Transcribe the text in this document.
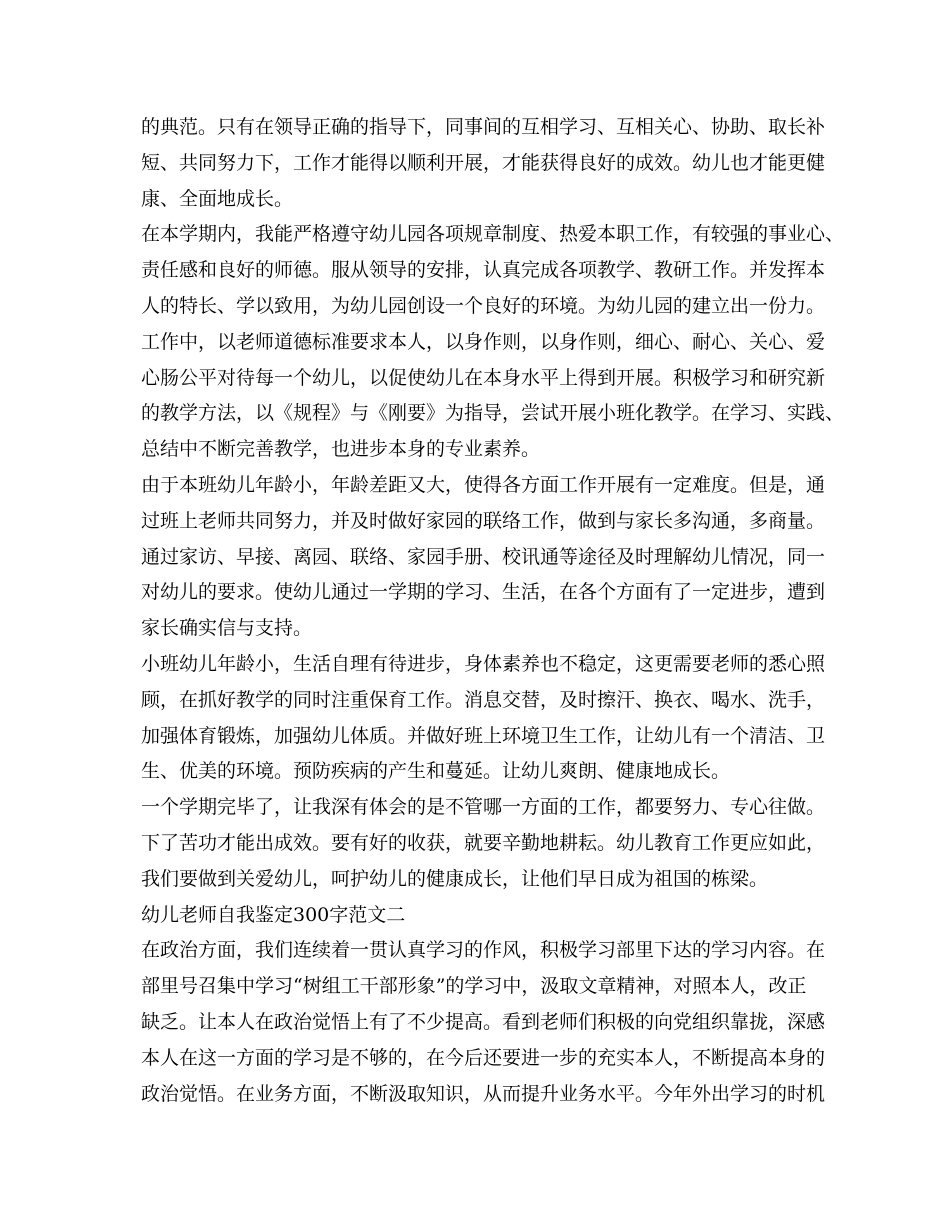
的典范。只有在领导正确的指导下，同事间的互相学习、互相关心、协助、取长补
短、共同努力下，工作才能得以顺利开展，才能获得良好的成效。幼儿也才能更健
康、全面地成长。
在本学期内，我能严格遵守幼儿园各项规章制度、热爱本职工作，有较强的事业心、
责任感和良好的师德。服从领导的安排，认真完成各项教学、教研工作。并发挥本
人的特长、学以致用，为幼儿园创设一个良好的环境。为幼儿园的建立出一份力。
工作中，以老师道德标准要求本人，以身作则，以身作则，细心、耐心、关心、爱
心肠公平对待每一个幼儿，以促使幼儿在本身水平上得到开展。积极学习和研究新
的教学方法，以《规程》与《刚要》为指导，尝试开展小班化教学。在学习、实践、
总结中不断完善教学，也进步本身的专业素养。
由于本班幼儿年龄小，年龄差距又大，使得各方面工作开展有一定难度。但是，通
过班上老师共同努力，并及时做好家园的联络工作，做到与家长多沟通，多商量。
通过家访、早接、离园、联络、家园手册、校讯通等途径及时理解幼儿情况，同一
对幼儿的要求。使幼儿通过一学期的学习、生活，在各个方面有了一定进步，遭到
家长确实信与支持。
小班幼儿年龄小，生活自理有待进步，身体素养也不稳定，这更需要老师的悉心照
顾，在抓好教学的同时注重保育工作。消息交替，及时擦汗、换衣、喝水、洗手，
加强体育锻炼，加强幼儿体质。并做好班上环境卫生工作，让幼儿有一个清洁、卫
生、优美的环境。预防疾病的产生和蔓延。让幼儿爽朗、健康地成长。
一个学期完毕了，让我深有体会的是不管哪一方面的工作，都要努力、专心往做。
下了苦功才能出成效。要有好的收获，就要辛勤地耕耘。幼儿教育工作更应如此，
我们要做到关爱幼儿，呵护幼儿的健康成长，让他们早日成为祖国的栋梁。
幼儿老师自我鉴定300字范文二
在政治方面，我们连续着一贯认真学习的作风，积极学习部里下达的学习内容。在
部里号召集中学习“树组工干部形象”的学习中，汲取文章精神，对照本人，改正
缺乏。让本人在政治觉悟上有了不少提高。看到老师们积极的向党组织靠拢，深感
本人在这一方面的学习是不够的，在今后还要进一步的充实本人，不断提高本身的
政治觉悟。在业务方面，不断汲取知识，从而提升业务水平。今年外出学习的时机
